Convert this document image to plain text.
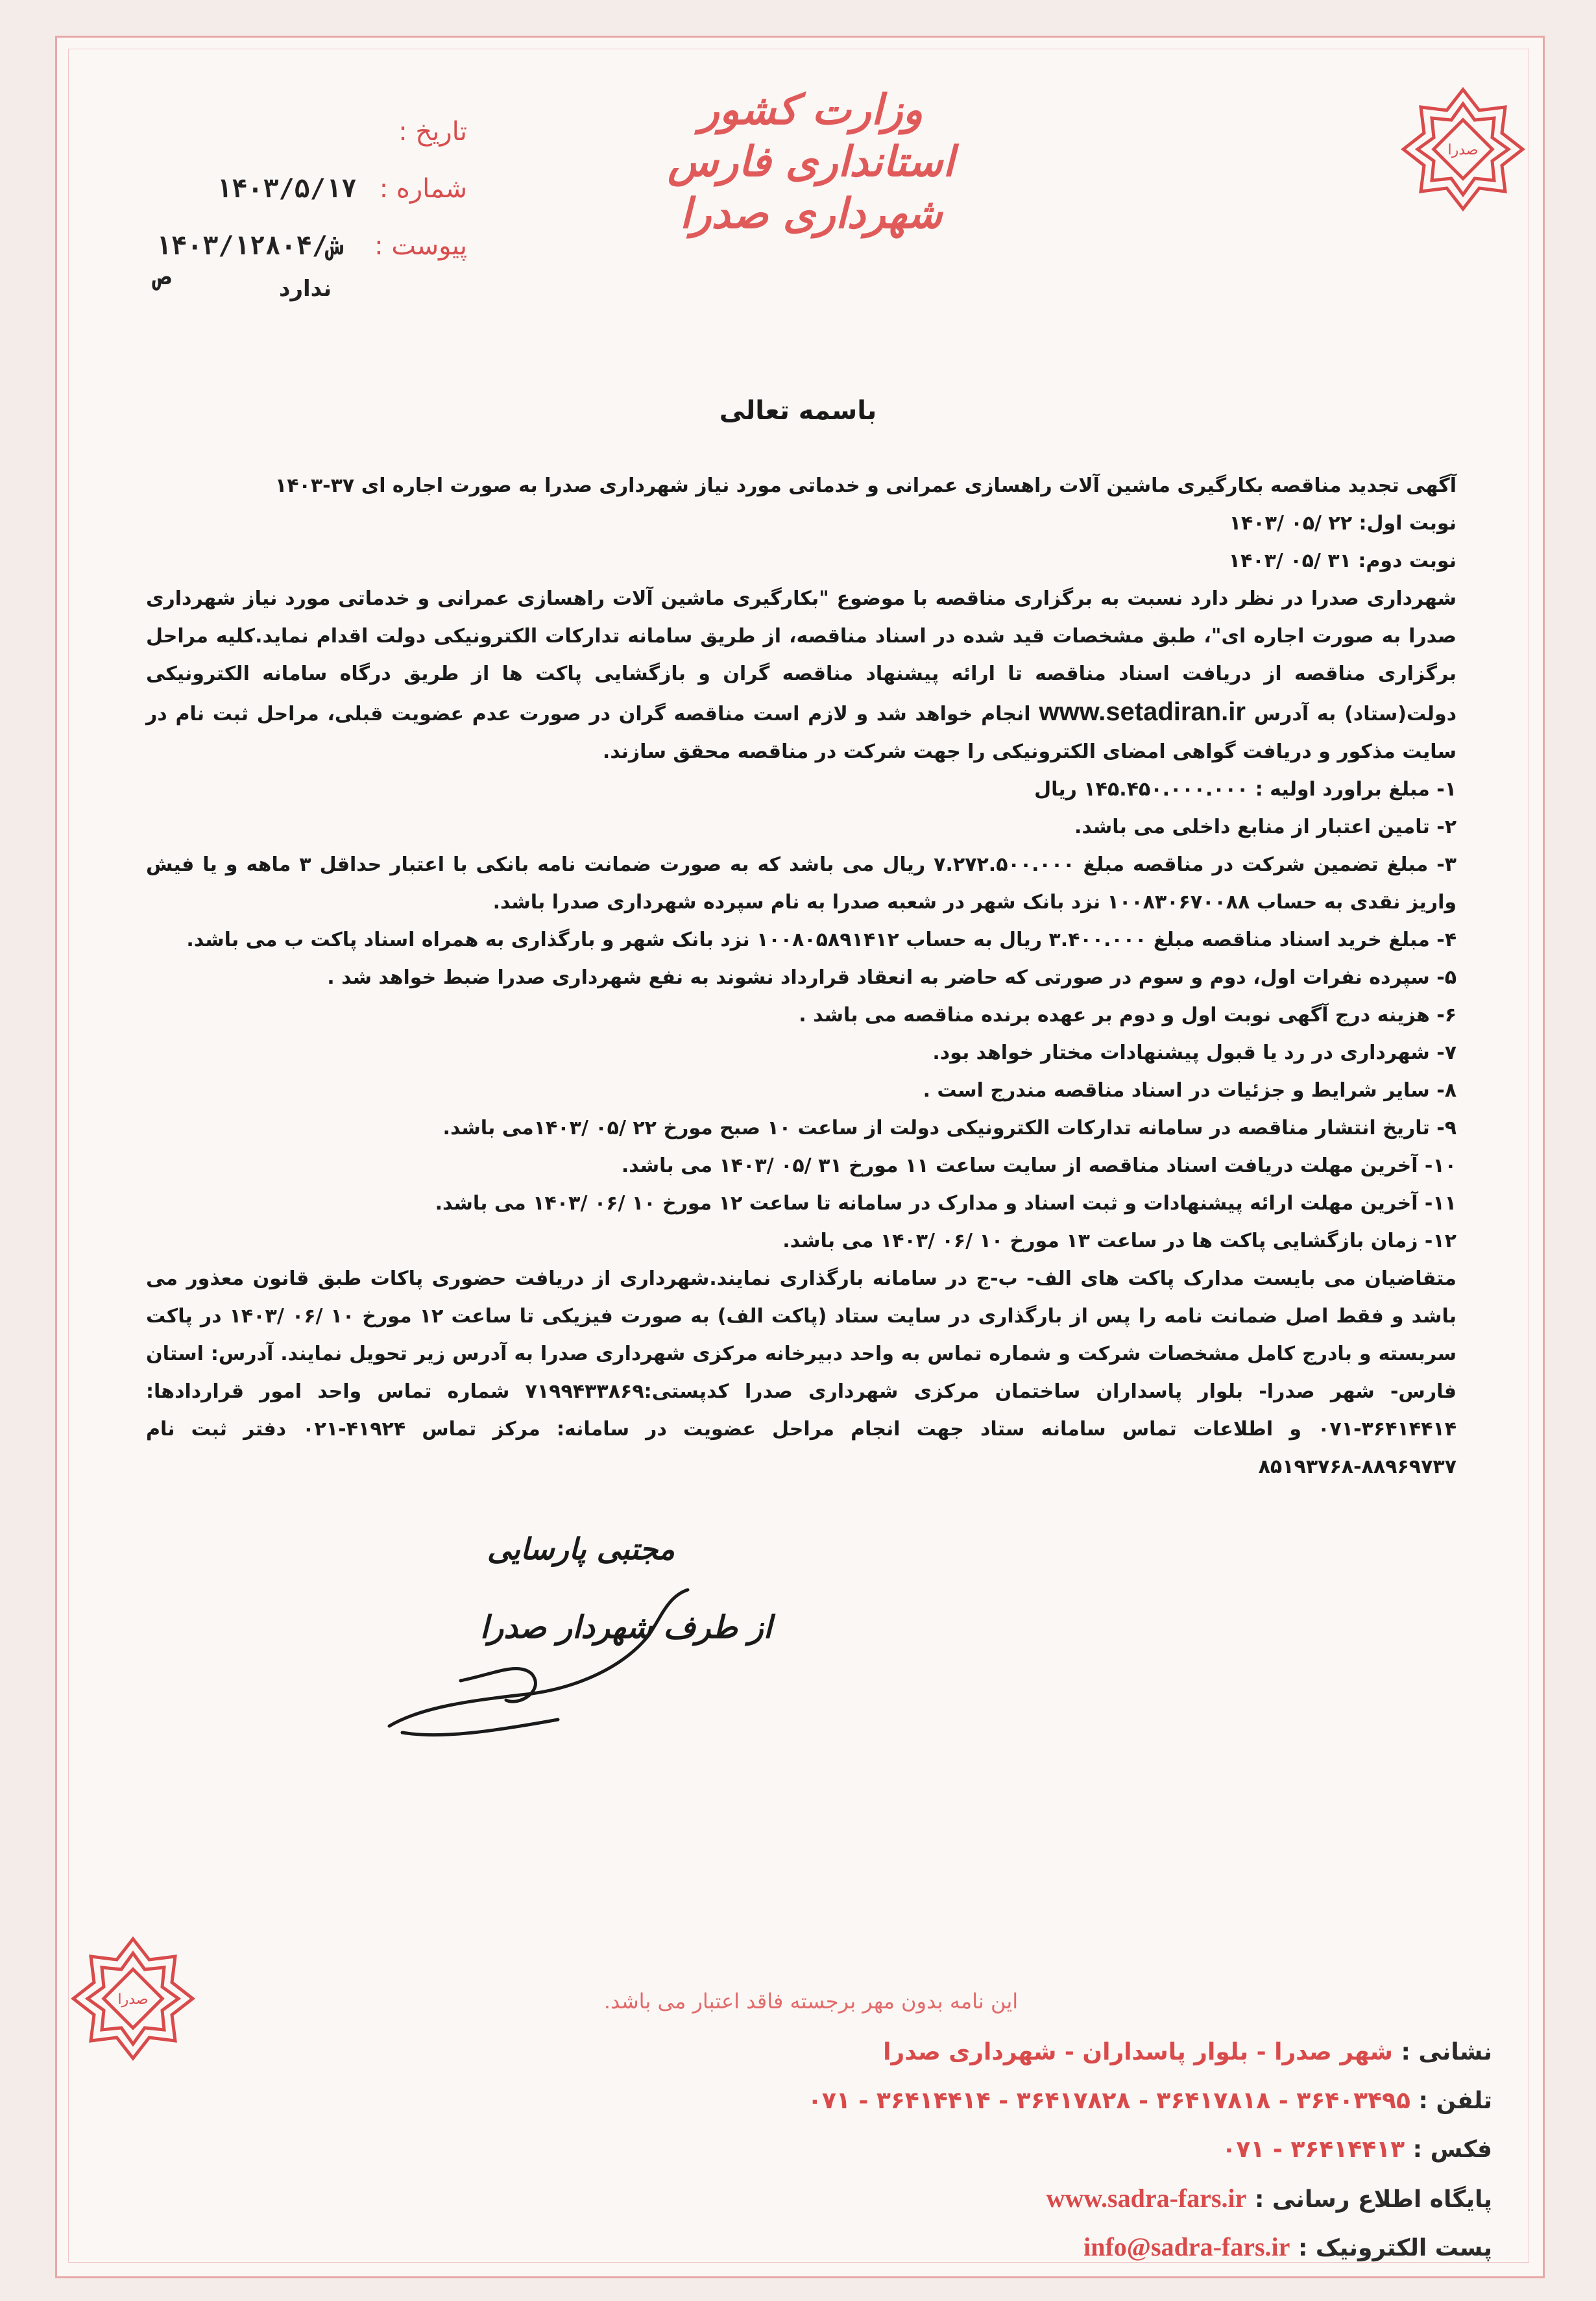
صدرا
صدرا
وزارت کشور
استانداری فارس
شهرداری صدرا
تاریخ :
شماره :
۱۴۰۳/۵/۱۷
پیوست :
۱۴۰۳/۱۲۸۰۴/ش ص	ندارد
باسمه تعالی

آگهی تجدید مناقصه بکارگیری ماشین آلات راهسازی عمرانی و خدماتی مورد نیاز شهرداری صدرا به صورت اجاره ای ۳۷-۱۴۰۳

نوبت اول: ۲۲ /۰۵ /۱۴۰۳

نوبت دوم: ۳۱ /۰۵ /۱۴۰۳

شهرداری صدرا در نظر دارد نسبت به برگزاری مناقصه با موضوع "بکارگیری ماشین آلات راهسازی عمرانی و خدماتی مورد نیاز شهرداری صدرا به صورت اجاره ای"، طبق مشخصات قید شده در اسناد مناقصه، از طریق سامانه تدارکات الکترونیکی دولت اقدام نماید.کلیه مراحل برگزاری مناقصه از دریافت اسناد مناقصه تا ارائه پیشنهاد مناقصه گران و بازگشایی پاکت ها از طریق درگاه سامانه الکترونیکی دولت(ستاد) به آدرس www.setadiran.ir انجام خواهد شد و لازم است مناقصه گران در صورت عدم عضویت قبلی، مراحل ثبت نام در سایت مذکور و دریافت گواهی امضای الکترونیکی را جهت شرکت در مناقصه محقق سازند.

۱- مبلغ براورد اولیه : ۱۴۵.۴۵۰.۰۰۰.۰۰۰ ریال
۲- تامین اعتبار از منابع داخلی می باشد.
۳- مبلغ تضمین شرکت در مناقصه مبلغ ۷.۲۷۲.۵۰۰.۰۰۰ ریال می باشد که به صورت ضمانت نامه بانکی با اعتبار حداقل ۳ ماهه و یا فیش واریز نقدی به حساب ۱۰۰۸۳۰۶۷۰۰۸۸ نزد بانک شهر در شعبه صدرا به نام سپرده شهرداری صدرا باشد.
۴- مبلغ خرید اسناد مناقصه مبلغ ۳.۴۰۰.۰۰۰ ریال به حساب ۱۰۰۸۰۵۸۹۱۴۱۲ نزد بانک شهر و بارگذاری به همراه اسناد پاکت ب می باشد.
۵- سپرده نفرات اول، دوم و سوم در صورتی که حاضر به انعقاد قرارداد نشوند به نفع شهرداری صدرا ضبط خواهد شد .
۶- هزینه درج آگهی نوبت اول و دوم بر عهده برنده مناقصه می باشد .
۷- شهرداری در رد یا قبول پیشنهادات مختار خواهد بود.
۸- سایر شرایط و جزئیات در اسناد مناقصه مندرج است .
۹- تاریخ انتشار مناقصه در سامانه تدارکات الکترونیکی دولت از ساعت ۱۰ صبح مورخ ۲۲ /۰۵ /۱۴۰۳می باشد.
۱۰- آخرین مهلت دریافت اسناد مناقصه از سایت ساعت ۱۱ مورخ ۳۱ /۰۵ /۱۴۰۳ می باشد.
۱۱- آخرین مهلت ارائه پیشنهادات و ثبت اسناد و مدارک در سامانه تا ساعت ۱۲ مورخ ۱۰ /۰۶ /۱۴۰۳ می باشد.
۱۲- زمان بازگشایی پاکت ها در ساعت ۱۳ مورخ ۱۰ /۰۶ /۱۴۰۳ می باشد.

متقاضیان می بایست مدارک پاکت های الف- ب-ج در سامانه بارگذاری نمایند.شهرداری از دریافت حضوری پاکات طبق قانون معذور می باشد و فقط اصل ضمانت نامه را پس از بارگذاری در سایت ستاد (پاکت الف) به صورت فیزیکی تا ساعت ۱۲ مورخ ۱۰ /۰۶ /۱۴۰۳ در پاکت سربسته و بادرج کامل مشخصات شرکت و شماره تماس به واحد دبیرخانه مرکزی شهرداری صدرا به آدرس زیر تحویل نمایند. آدرس: استان فارس- شهر صدرا- بلوار پاسداران ساختمان مرکزی شهرداری صدرا کدپستی:۷۱۹۹۴۳۳۸۶۹ شماره تماس واحد امور قراردادها: ۳۶۴۱۴۴۱۴-۰۷۱ و اطلاعات تماس سامانه ستاد جهت انجام مراحل عضویت در سامانه: مرکز تماس ۴۱۹۲۴-۰۲۱ دفتر ثبت نام ۸۸۹۶۹۷۳۷-۸۵۱۹۳۷۶۸

مجتبی پارسایی
از طرف شهردار صدرا
این نامه بدون مهر برجسته فاقد اعتبار می باشد.
نشانی : شهر صدرا - بلوار پاسداران - شهرداری صدرا
تلفن : ۳۶۴۰۳۴۹۵ - ۳۶۴۱۷۸۱۸ - ۳۶۴۱۷۸۲۸ - ۳۶۴۱۴۴۱۴ - ۰۷۱
فکس : ۳۶۴۱۴۴۱۳ - ۰۷۱
پایگاه اطلاع رسانی : www.sadra-fars.ir
پست الکترونیک : info@sadra-fars.ir
